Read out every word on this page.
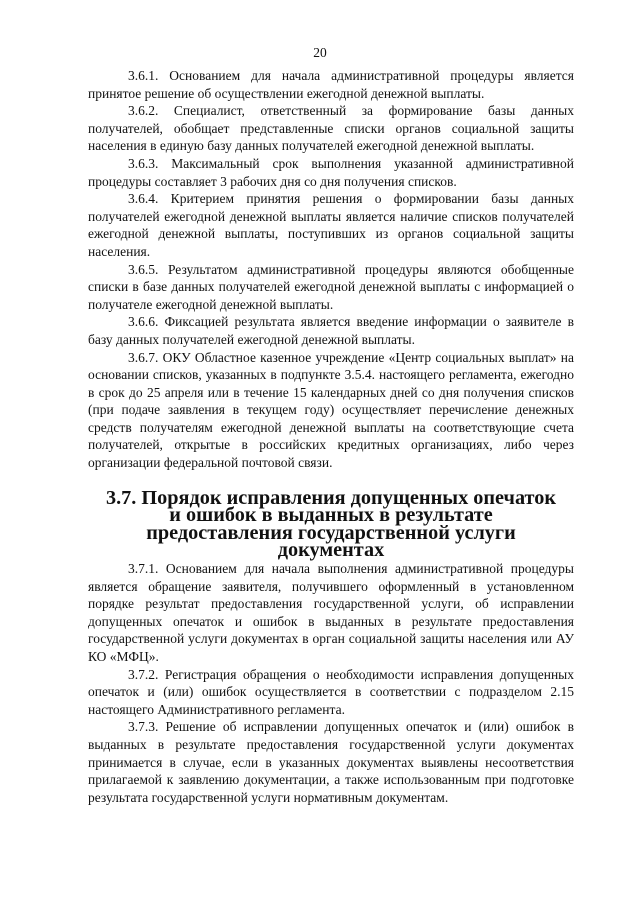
20

3.6.1. Основанием для начала административной процедуры является принятое решение об осуществлении ежегодной денежной выплаты.

3.6.2. Специалист, ответственный за формирование базы данных получателей, обобщает представленные списки органов социальной защиты населения в единую базу данных получателей ежегодной денежной выплаты.

3.6.3. Максимальный срок выполнения указанной административной процедуры составляет 3 рабочих дня со дня получения списков.

3.6.4. Критерием принятия решения о формировании базы данных получателей ежегодной денежной выплаты является наличие списков получателей ежегодной денежной выплаты, поступивших из органов социальной защиты населения.

3.6.5. Результатом административной процедуры являются обобщенные списки в базе данных получателей ежегодной денежной выплаты с информацией о получателе ежегодной денежной выплаты.

3.6.6. Фиксацией результата является введение информации о заявителе в базу данных получателей ежегодной денежной выплаты.

3.6.7. ОКУ Областное казенное учреждение «Центр социальных выплат» на основании списков, указанных в подпункте 3.5.4. настоящего регламента, ежегодно в срок до 25 апреля или в течение 15 календарных дней со дня получения списков (при подаче заявления в текущем году) осуществляет перечисление денежных средств получателям ежегодной денежной выплаты на соответствующие счета получателей, открытые в российских кредитных организациях, либо через организации федеральной почтовой связи.

3.7. Порядок исправления допущенных опечаток и ошибок в выданных в результате предоставления государственной услуги документах

3.7.1. Основанием для начала выполнения административной процедуры является обращение заявителя, получившего оформленный в установленном порядке результат предоставления государственной услуги, об исправлении допущенных опечаток и ошибок в выданных в результате предоставления государственной услуги документах в орган социальной защиты населения или АУ КО «МФЦ».

3.7.2. Регистрация обращения о необходимости исправления допущенных опечаток и (или) ошибок осуществляется в соответствии с подразделом 2.15 настоящего Административного регламента.

3.7.3. Решение об исправлении допущенных опечаток и (или) ошибок в выданных в результате предоставления государственной услуги документах принимается в случае, если в указанных документах выявлены несоответствия прилагаемой к заявлению документации, а также использованным при подготовке результата государственной услуги нормативным документам.
